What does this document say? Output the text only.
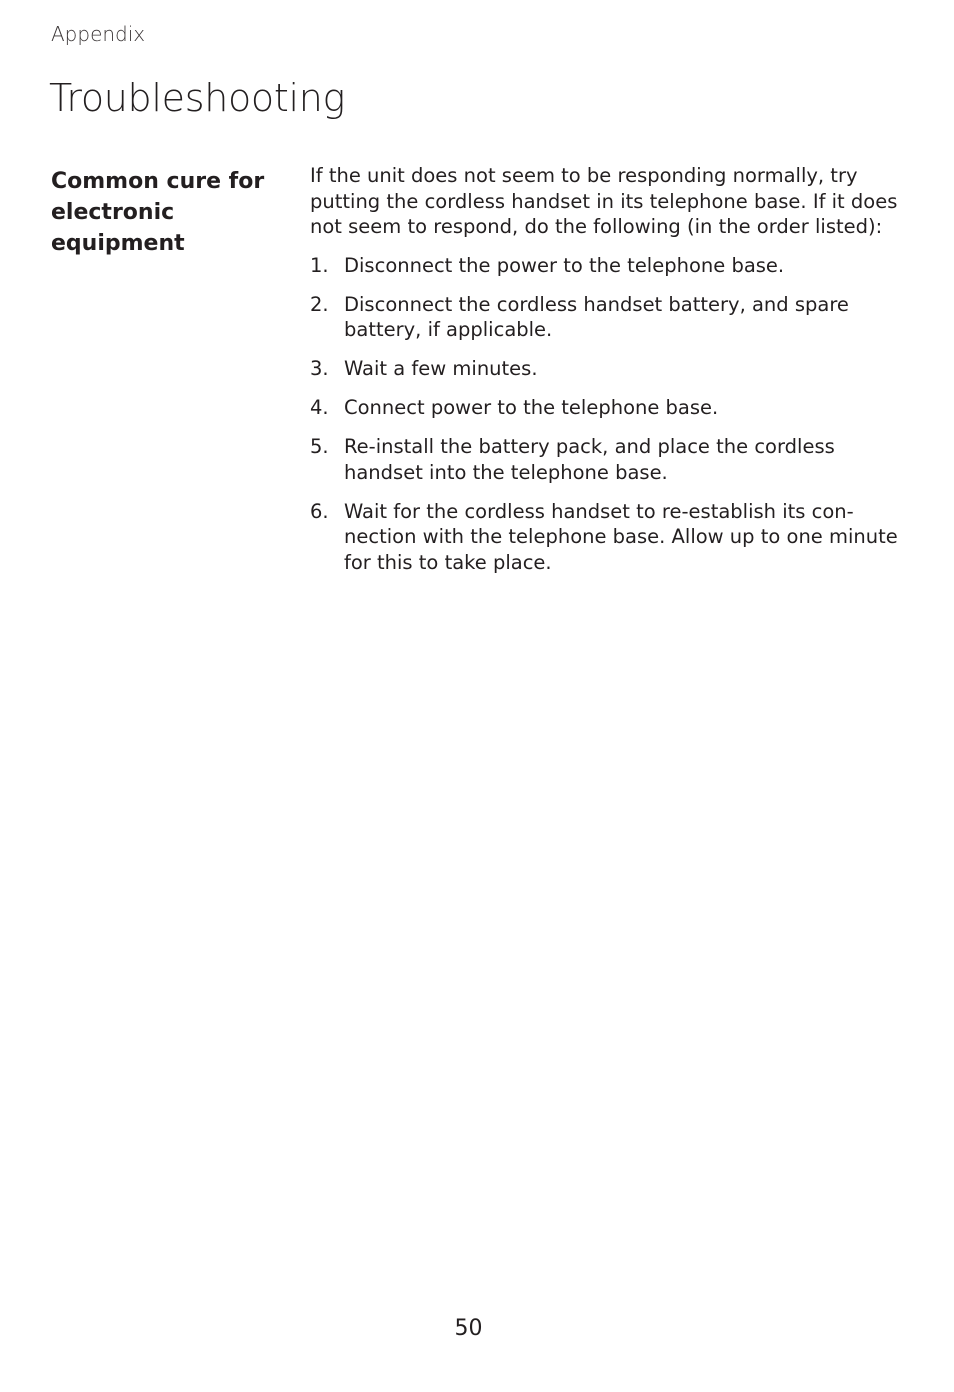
Appendix

Troubleshooting
Common cure for electronic equipment

If the unit does not seem to be responding normally, try putting the cordless handset in its telephone base. If it does not seem to respond, do the following (in the order listed):

1. Disconnect the power to the telephone base.
2. Disconnect the cordless handset battery, and spare battery, if applicable.
3. Wait a few minutes.
4. Connect power to the telephone base.
5. Re-install the battery pack, and place the cordless handset into the telephone base.
6. Wait for the cordless handset to re-establish its con-nection with the telephone base. Allow up to one minute for this to take place.
50
